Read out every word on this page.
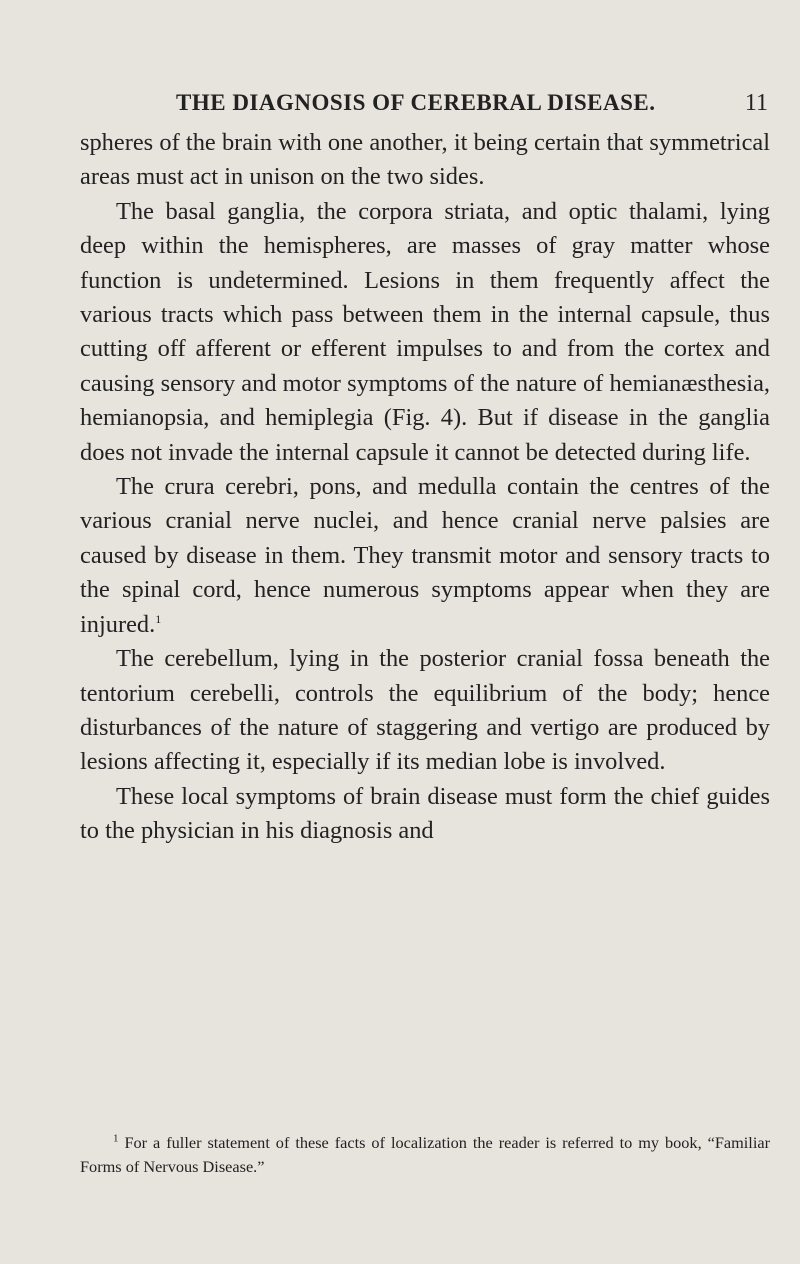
THE DIAGNOSIS OF CEREBRAL DISEASE.	11

spheres of the brain with one another, it being certain that symmetrical areas must act in unison on the two sides.

The basal ganglia, the corpora striata, and optic thalami, lying deep within the hemispheres, are masses of gray matter whose function is undetermined. Lesions in them frequently affect the various tracts which pass between them in the internal capsule, thus cutting off afferent or efferent impulses to and from the cortex and causing sensory and motor symptoms of the nature of hemianæsthesia, hemianopsia, and hemiplegia (Fig. 4). But if disease in the ganglia does not invade the internal capsule it cannot be detected during life.

The crura cerebri, pons, and medulla contain the centres of the various cranial nerve nuclei, and hence cranial nerve palsies are caused by disease in them. They transmit motor and sensory tracts to the spinal cord, hence numerous symptoms appear when they are injured.$^1$

The cerebellum, lying in the posterior cranial fossa beneath the tentorium cerebelli, controls the equilibrium of the body; hence disturbances of the nature of staggering and vertigo are produced by lesions affecting it, especially if its median lobe is involved.

These local symptoms of brain disease must form the chief guides to the physician in his diagnosis and

$^1$ For a fuller statement of these facts of localization the reader is referred to my book, “Familiar Forms of Nervous Disease.”
